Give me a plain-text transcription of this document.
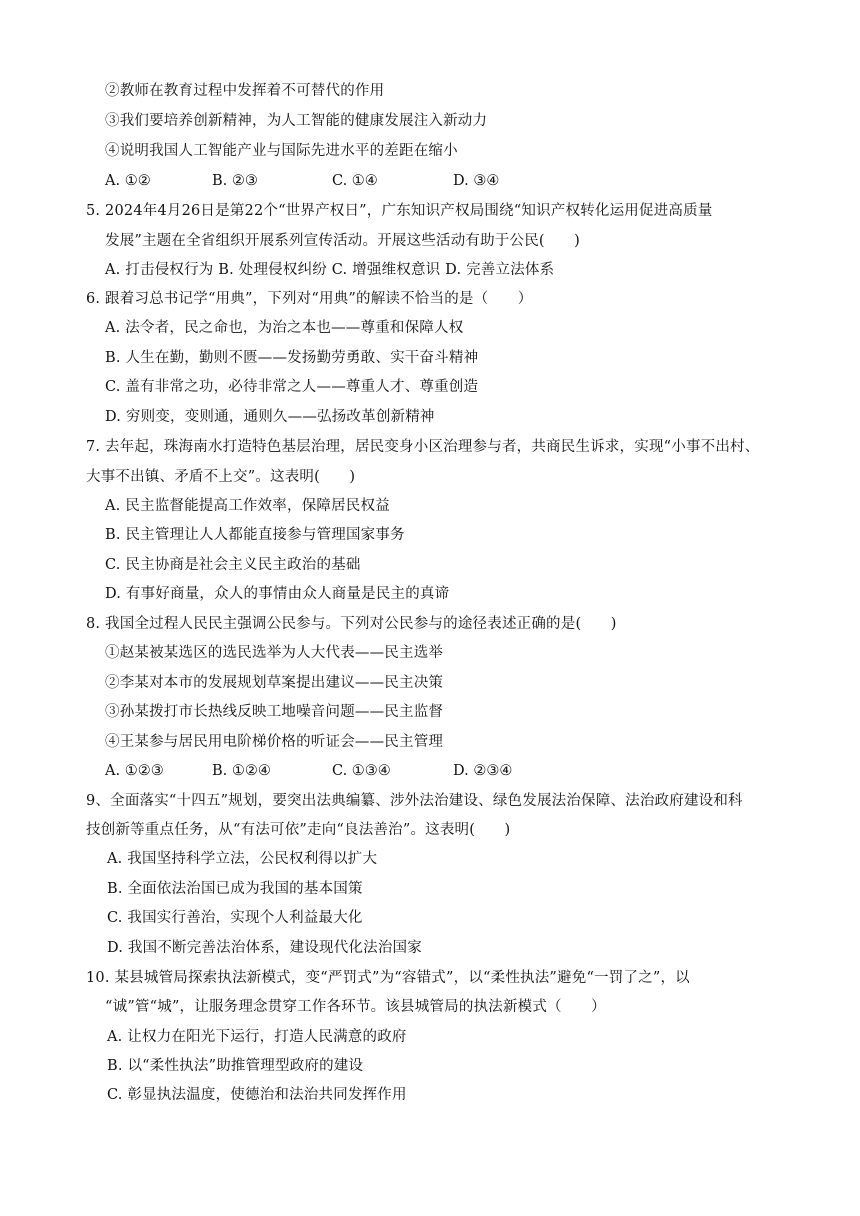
②教师在教育过程中发挥着不可替代的作用
③我们要培养创新精神，为人工智能的健康发展注入新动力
④说明我国人工智能产业与国际先进水平的差距在缩小
A. ①②	B. ②③	C. ①④	D. ③④
5. 2024年4月26日是第22个“世界产权日”，广东知识产权局围绕“知识产权转化运用促进高质量
发展”主题在全省组织开展系列宣传活动。开展这些活动有助于公民(　　)
A. 打击侵权行为 B. 处理侵权纠纷 C. 增强维权意识 D. 完善立法体系
6. 跟着习总书记学“用典”，下列对“用典”的解读不恰当的是（　　）
A. 法令者，民之命也，为治之本也——尊重和保障人权
B. 人生在勤，勤则不匮——发扬勤劳勇敢、实干奋斗精神
C. 盖有非常之功，必待非常之人——尊重人才、尊重创造
D. 穷则变，变则通，通则久——弘扬改革创新精神
7. 去年起，珠海南水打造特色基层治理，居民变身小区治理参与者，共商民生诉求，实现“小事不出村、
大事不出镇、矛盾不上交”。这表明(　　)
A. 民主监督能提高工作效率，保障居民权益
B. 民主管理让人人都能直接参与管理国家事务
C. 民主协商是社会主义民主政治的基础
D. 有事好商量，众人的事情由众人商量是民主的真谛
8. 我国全过程人民民主强调公民参与。下列对公民参与的途径表述正确的是(　　)
①赵某被某选区的选民选举为人大代表——民主选举
②李某对本市的发展规划草案提出建议——民主决策
③孙某拨打市长热线反映工地噪音问题——民主监督
④王某参与居民用电阶梯价格的听证会——民主管理
A. ①②③	B. ①②④	C. ①③④	D. ②③④
9、全面落实“十四五”规划，要突出法典编纂、涉外法治建设、绿色发展法治保障、法治政府建设和科
技创新等重点任务，从“有法可依”走向“良法善治”。这表明(　　)
A. 我国坚持科学立法，公民权利得以扩大
B. 全面依法治国已成为我国的基本国策
C. 我国实行善治，实现个人利益最大化
D. 我国不断完善法治体系，建设现代化法治国家
10. 某县城管局探索执法新模式，变“严罚式”为“容错式”，以“柔性执法”避免“一罚了之”，以
“诚”管“城”，让服务理念贯穿工作各环节。该县城管局的执法新模式（　　）
A. 让权力在阳光下运行，打造人民满意的政府
B. 以“柔性执法”助推管理型政府的建设
C. 彰显执法温度，使德治和法治共同发挥作用
